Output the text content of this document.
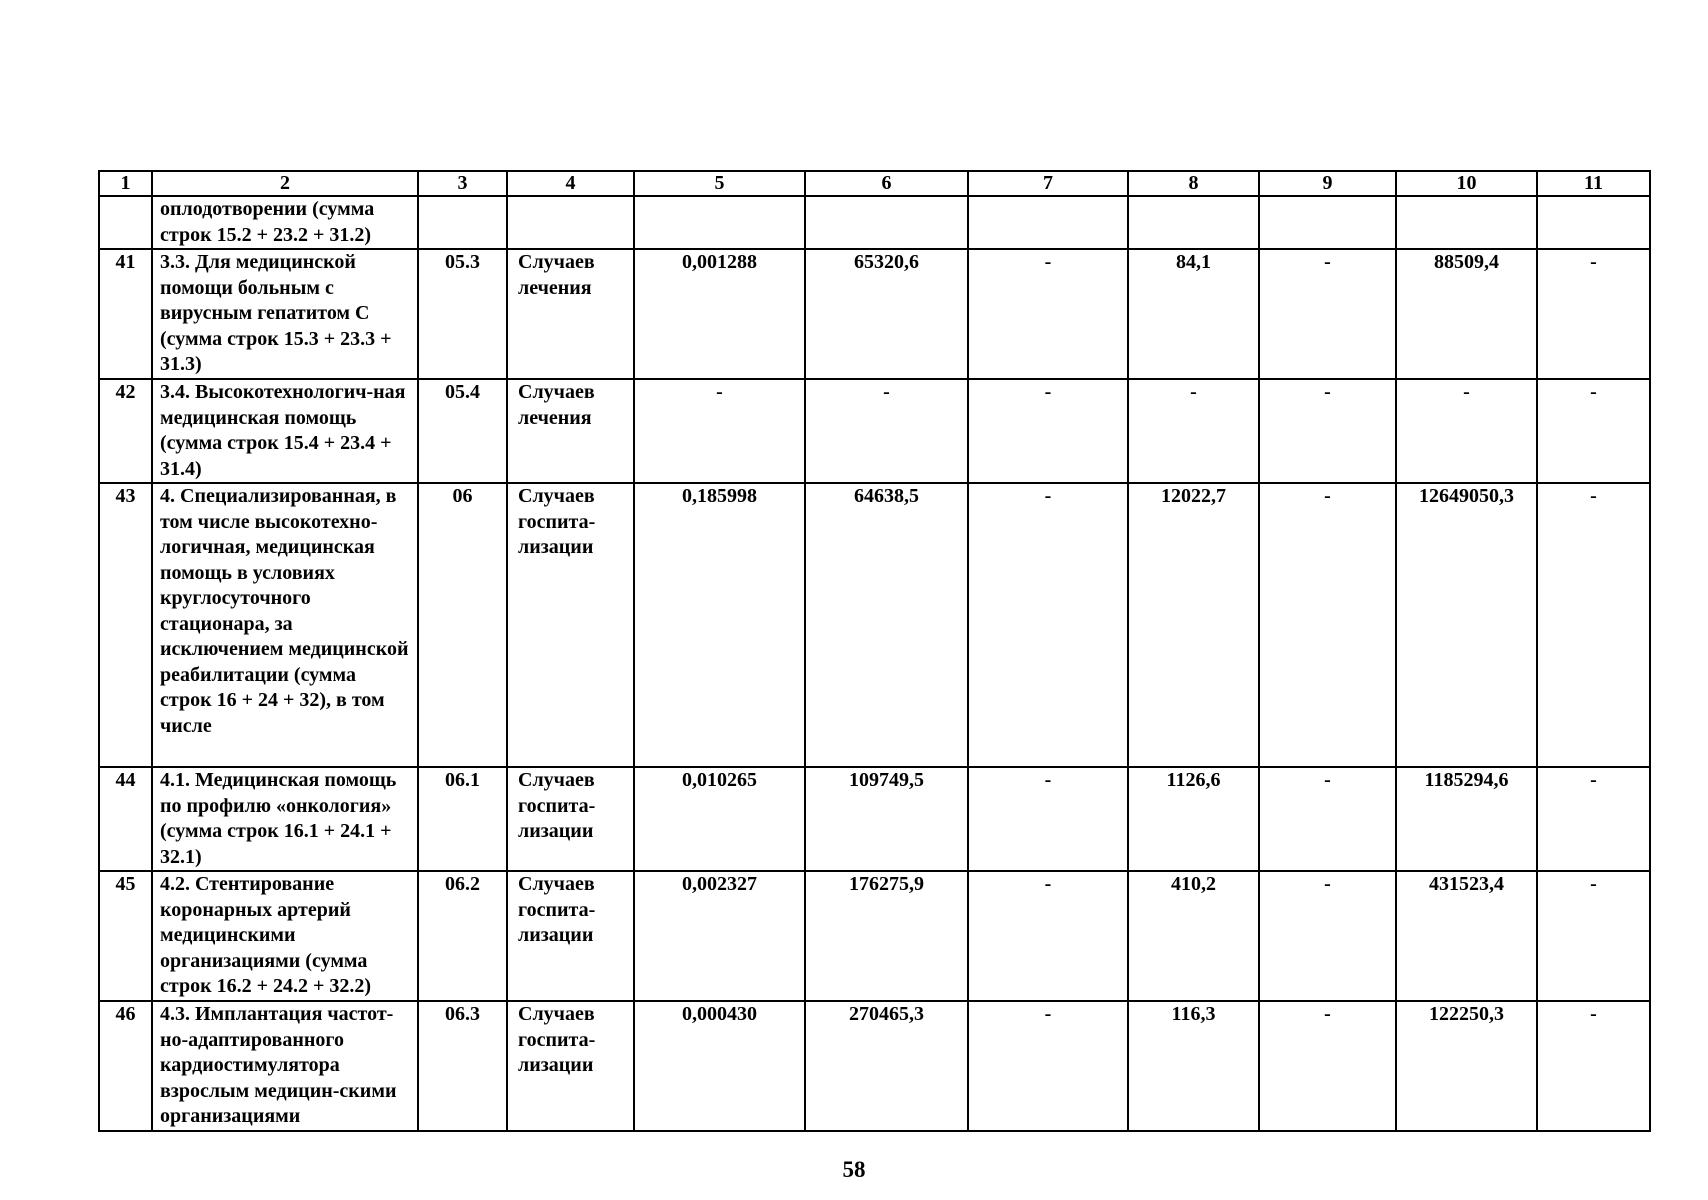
1	2	3	4	5	6	7	8	9	10	11
	оплодотворении (сумма строк 15.2 + 23.2 + 31.2)									
41	3.3. Для медицинской помощи больным с вирусным гепатитом С (сумма строк 15.3 + 23.3 + 31.3)	05.3	Случаев лечения	0,001288	65320,6	-	84,1	-	88509,4	-
42	3.4. Высокотехнологич-ная медицинская помощь (сумма строк 15.4 + 23.4 + 31.4)	05.4	Случаев лечения	-	-	-	-	-	-	-
43	4. Специализированная, в том числе высокотехно-логичная, медицинская помощь в условиях круглосуточного стационара, за исключением медицинской реабилитации (сумма строк 16 + 24 + 32), в том числе	06	Случаев госпита-лизации	0,185998	64638,5	-	12022,7	-	12649050,3	-
44	4.1. Медицинская помощь по профилю «онкология» (сумма строк 16.1 + 24.1 + 32.1)	06.1	Случаев госпита-лизации	0,010265	109749,5	-	1126,6	-	1185294,6	-
45	4.2. Стентирование коронарных артерий медицинскими организациями (сумма строк 16.2 + 24.2 + 32.2)	06.2	Случаев госпита-лизации	0,002327	176275,9	-	410,2	-	431523,4	-
46	4.3. Имплантация частот-но-адаптированного кардиостимулятора взрослым медицин-скими организациями	06.3	Случаев госпита-лизации	0,000430	270465,3	-	116,3	-	122250,3	-
58
